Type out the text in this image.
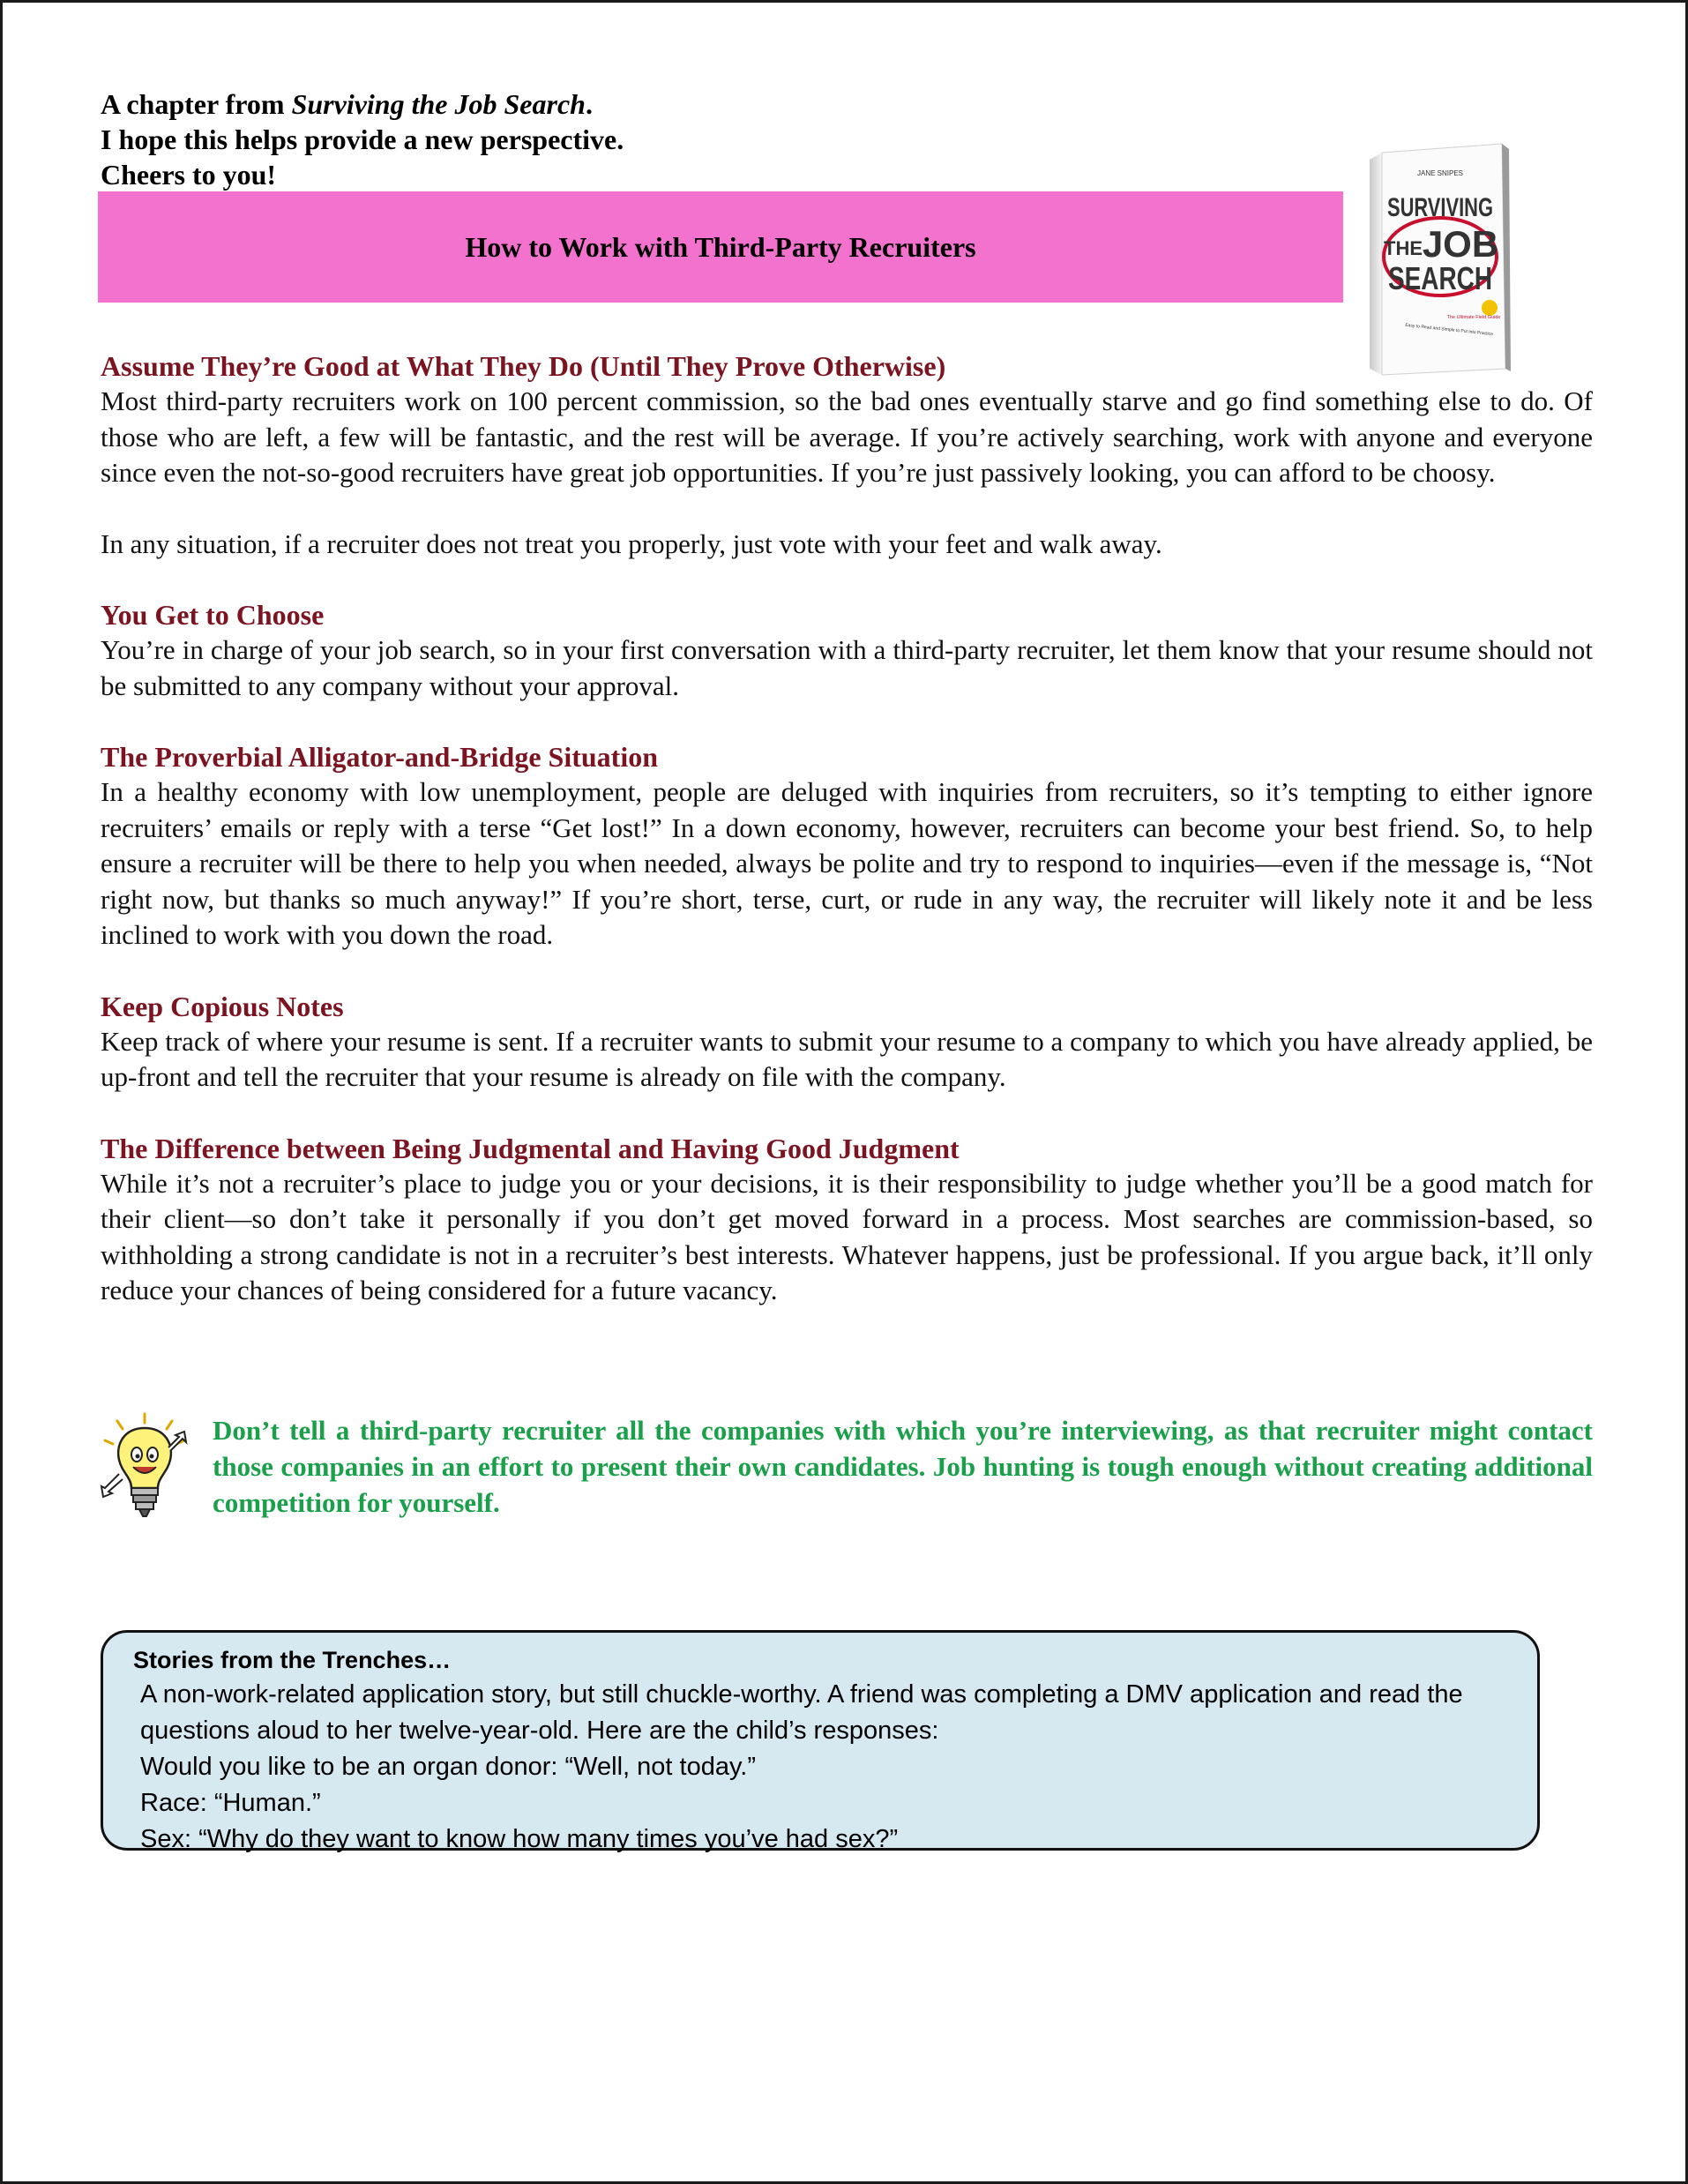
A chapter from Surviving the Job Search.
I hope this helps provide a new perspective.
Cheers to you!
How to Work with Third-Party Recruiters
JANE SNIPES
SURVIVING
THE JOB
SEARCH
The Ultimate Field Guide
Easy to Read and Simple to Put Into Practice
Assume They’re Good at What They Do (Until They Prove Otherwise)
Most third-party recruiters work on 100 percent commission, so the bad ones eventually starve and go find something else to do. Of those who are left, a few will be fantastic, and the rest will be average. If you’re actively searching, work with anyone and everyone since even the not-so-good recruiters have great job opportunities. If you’re just passively looking, you can afford to be choosy.
In any situation, if a recruiter does not treat you properly, just vote with your feet and walk away.
You Get to Choose
You’re in charge of your job search, so in your first conversation with a third-party recruiter, let them know that your resume should not be submitted to any company without your approval.
The Proverbial Alligator-and-Bridge Situation
In a healthy economy with low unemployment, people are deluged with inquiries from recruiters, so it’s tempting to either ignore recruiters’ emails or reply with a terse “Get lost!” In a down economy, however, recruiters can become your best friend. So, to help ensure a recruiter will be there to help you when needed, always be polite and try to respond to inquiries—even if the message is, “Not right now, but thanks so much anyway!” If you’re short, terse, curt, or rude in any way, the recruiter will likely note it and be less inclined to work with you down the road.
Keep Copious Notes
Keep track of where your resume is sent. If a recruiter wants to submit your resume to a company to which you have already applied, be up-front and tell the recruiter that your resume is already on file with the company.
The Difference between Being Judgmental and Having Good Judgment
While it’s not a recruiter’s place to judge you or your decisions, it is their responsibility to judge whether you’ll be a good match for their client—so don’t take it personally if you don’t get moved forward in a process. Most searches are commission-based, so withholding a strong candidate is not in a recruiter’s best interests. Whatever happens, just be professional. If you argue back, it’ll only reduce your chances of being considered for a future vacancy.
Don’t tell a third-party recruiter all the companies with which you’re interviewing, as that recruiter might contact those companies in an effort to present their own candidates. Job hunting is tough enough without creating additional competition for yourself.
Stories from the Trenches…
A non-work-related application story, but still chuckle-worthy. A friend was completing a DMV application and read the questions aloud to her twelve-year-old. Here are the child’s responses:
Would you like to be an organ donor: “Well, not today.”
Race: “Human.”
Sex: “Why do they want to know how many times you’ve had sex?”
